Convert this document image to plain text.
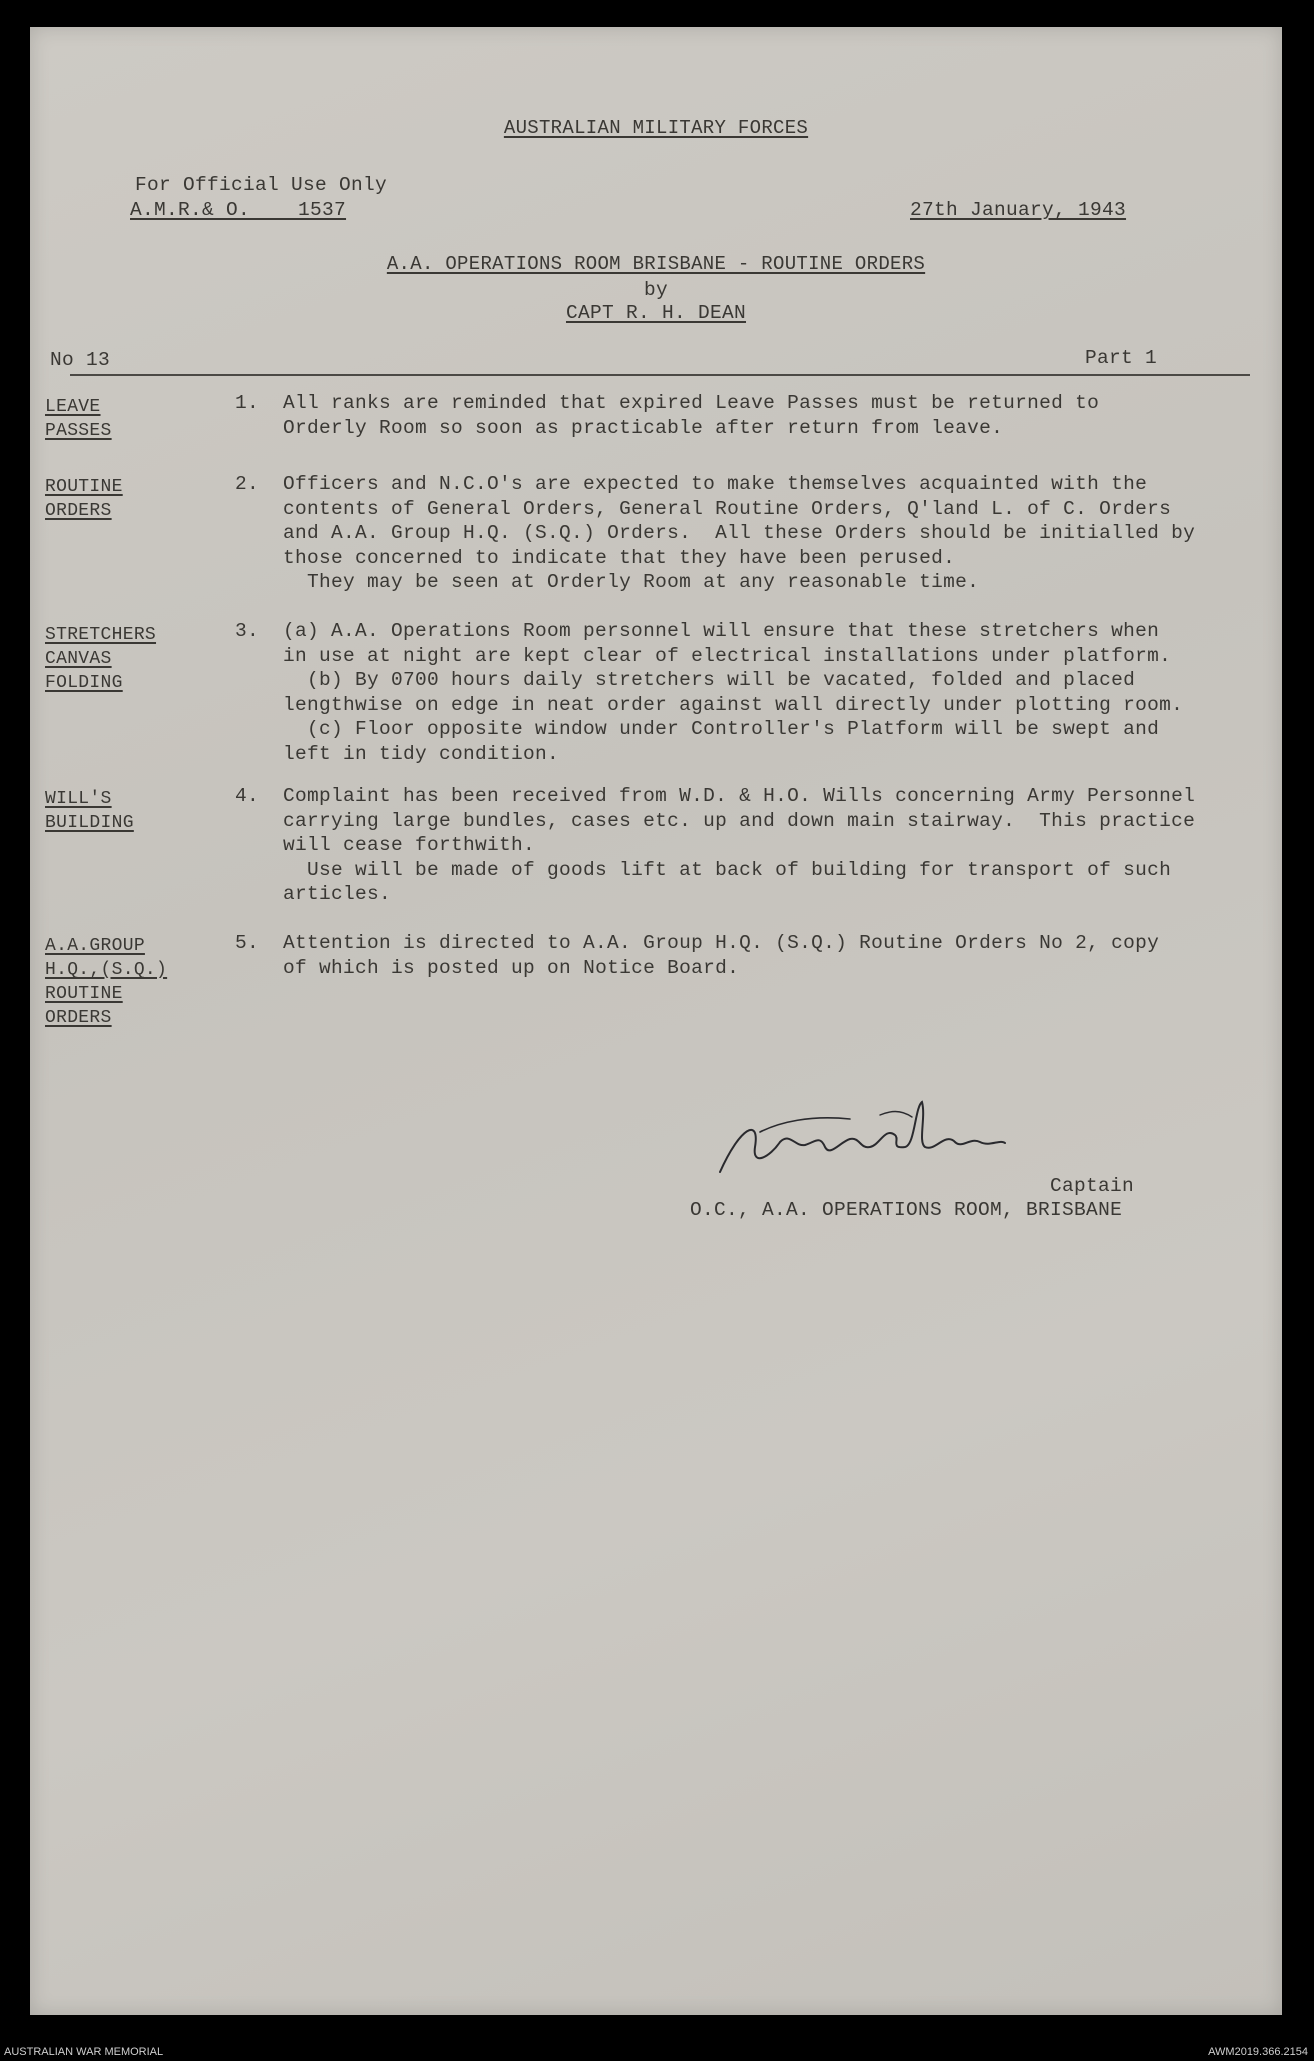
AUSTRALIAN MILITARY FORCES
For Official Use Only
A.M.R.& O.    1537	27th January, 1943
A.A. OPERATIONS ROOM BRISBANE - ROUTINE ORDERS
by
CAPT R. H. DEAN
No 13	Part 1
LEAVE
PASSES
1.  All ranks are reminded that expired Leave Passes must be returned to
Orderly Room so soon as practicable after return from leave.
ROUTINE
ORDERS
2.  Officers and N.C.O's are expected to make themselves acquainted with the
contents of General Orders, General Routine Orders, Q'land L. of C. Orders
and A.A. Group H.Q. (S.Q.) Orders.  All these Orders should be initialled by
those concerned to indicate that they have been perused.
They may be seen at Orderly Room at any reasonable time.
STRETCHERS
CANVAS
FOLDING
3.  (a) A.A. Operations Room personnel will ensure that these stretchers when
in use at night are kept clear of electrical installations under platform.
(b) By 0700 hours daily stretchers will be vacated, folded and placed
lengthwise on edge in neat order against wall directly under plotting room.
(c) Floor opposite window under Controller's Platform will be swept and
left in tidy condition.
WILL'S
BUILDING
4.  Complaint has been received from W.D. & H.O. Wills concerning Army Personnel
carrying large bundles, cases etc. up and down main stairway.  This practice
will cease forthwith.
Use will be made of goods lift at back of building for transport of such
articles.
A.A.GROUP
H.Q.,(S.Q.)
ROUTINE
ORDERS
5.  Attention is directed to A.A. Group H.Q. (S.Q.) Routine Orders No 2, copy
of which is posted up on Notice Board.
Captain
O.C., A.A. OPERATIONS ROOM, BRISBANE
AUSTRALIAN WAR MEMORIAL	AWM2019.366.2154
